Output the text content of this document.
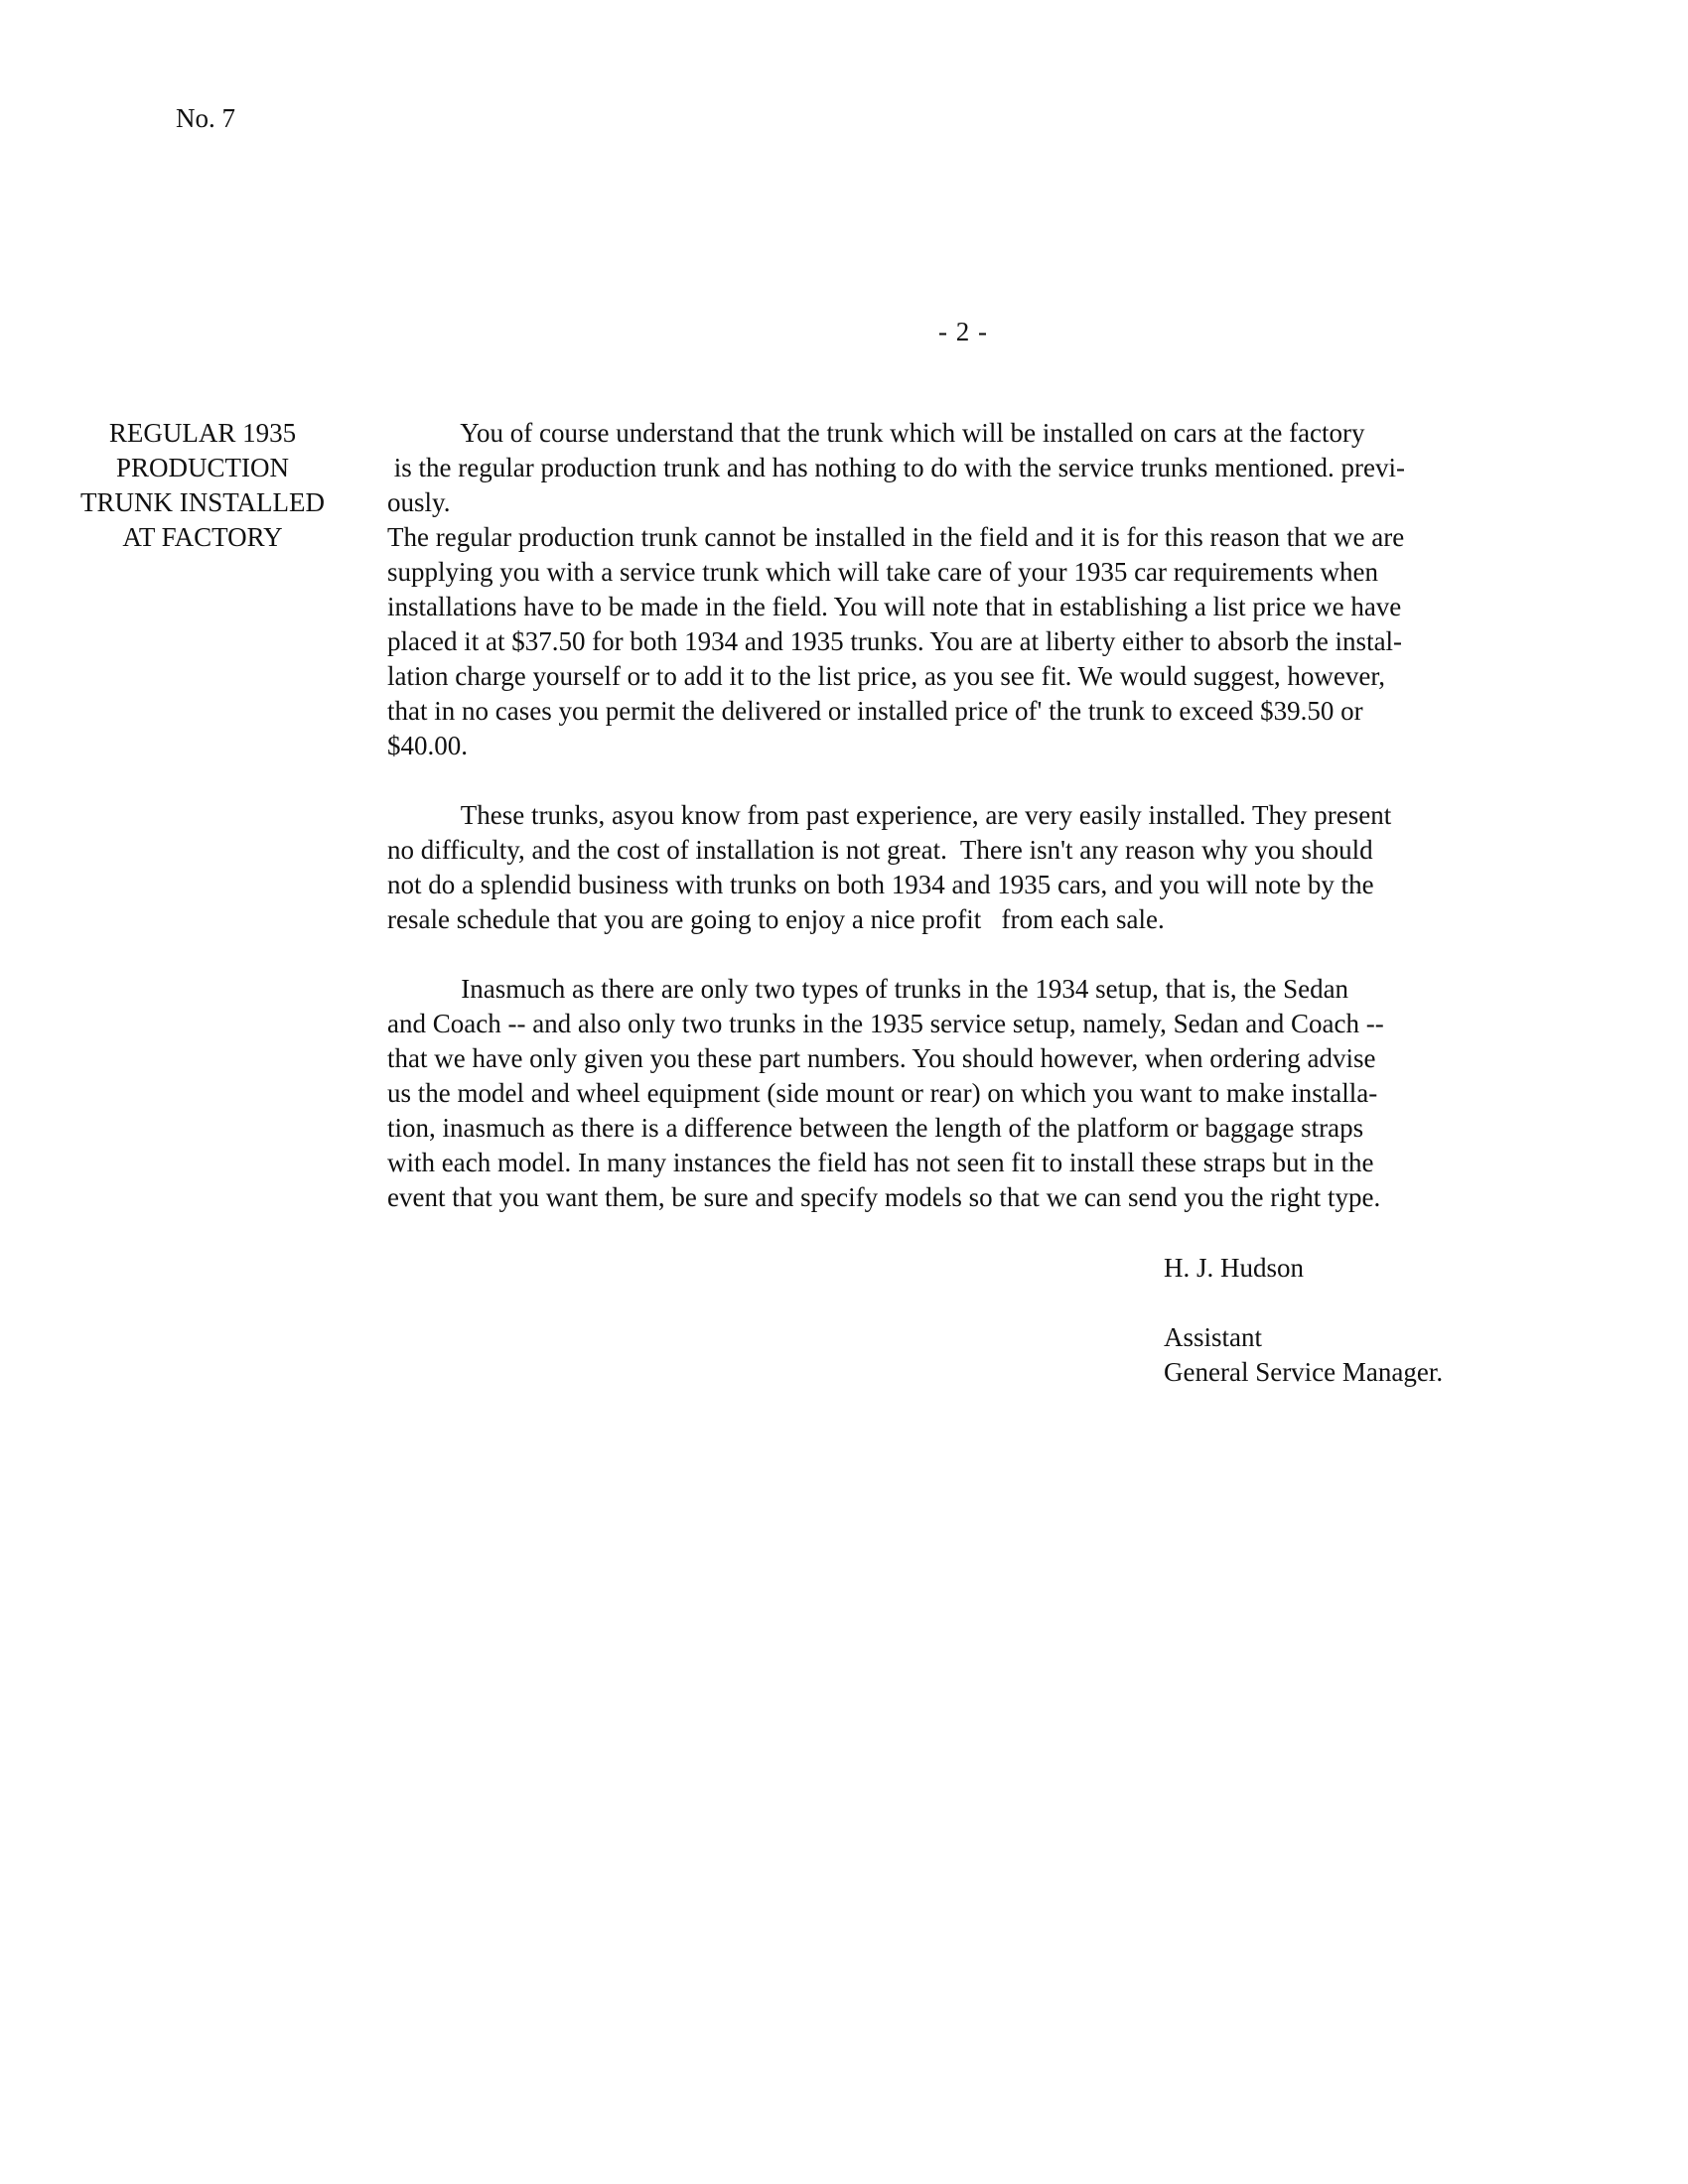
No. 7
- 2 -
REGULAR 1935
PRODUCTION
TRUNK INSTALLED
AT FACTORY
You of course understand that the trunk which will be installed on cars at the factory
is the regular production trunk and has nothing to do with the service trunks mentioned. previ-
ously.
The regular production trunk cannot be installed in the field and it is for this reason that we are
supplying you with a service trunk which will take care of your 1935 car requirements when
installations have to be made in the field. You will note that in establishing a list price we have
placed it at $37.50 for both 1934 and 1935 trunks. You are at liberty either to absorb the instal-
lation charge yourself or to add it to the list price, as you see fit. We would suggest, however,
that in no cases you permit the delivered or installed price of' the trunk to exceed $39.50 or
$40.00.
These trunks, asyou know from past experience, are very easily installed. They present
no difficulty, and the cost of installation is not great.  There isn't any reason why you should
not do a splendid business with trunks on both 1934 and 1935 cars, and you will note by the
resale schedule that you are going to enjoy a nice profit   from each sale.
Inasmuch as there are only two types of trunks in the 1934 setup, that is, the Sedan
and Coach -- and also only two trunks in the 1935 service setup, namely, Sedan and Coach --
that we have only given you these part numbers. You should however, when ordering advise
us the model and wheel equipment (side mount or rear) on which you want to make installa-
tion, inasmuch as there is a difference between the length of the platform or baggage straps
with each model. In many instances the field has not seen fit to install these straps but in the
event that you want them, be sure and specify models so that we can send you the right type.
H. J. Hudson
Assistant
General Service Manager.
